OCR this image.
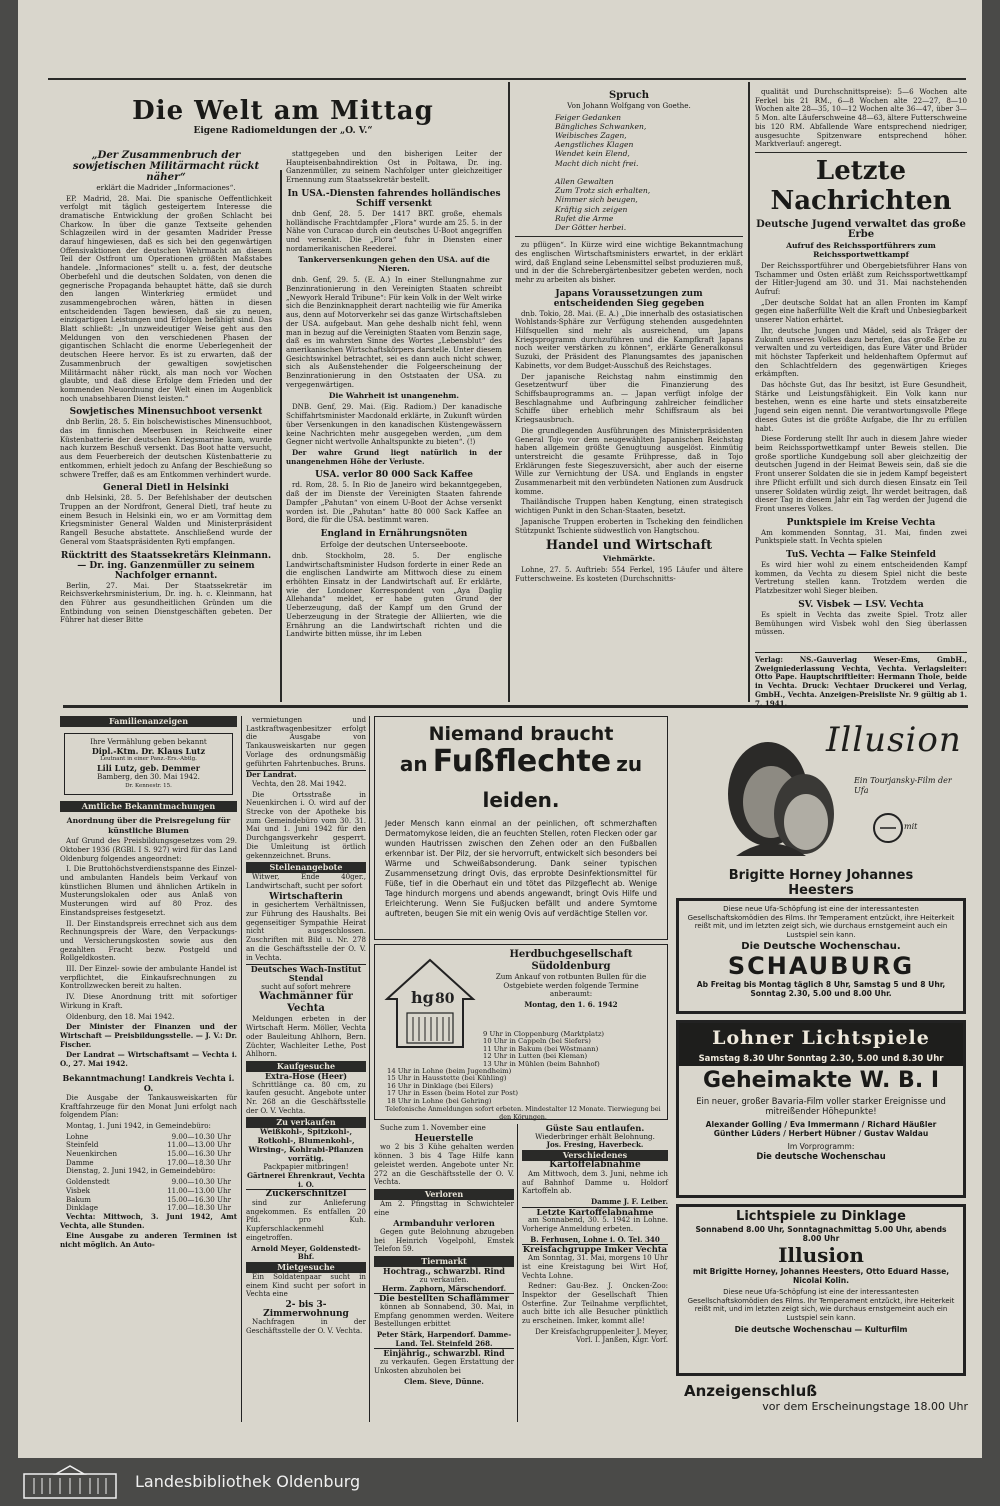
Die Welt am Mittag
Eigene Radiomeldungen der „O. V.“
„Der Zusammenbruch der sowjetischen Militärmacht rückt näher“
erklärt die Madrider „Informaciones“.

EP. Madrid, 28. Mai. Die spanische Oeffentlichkeit verfolgt mit täglich gesteigertem Interesse die dramatische Entwicklung der großen Schlacht bei Charkow. In über die ganze Textseite gehenden Schlagzeilen wird in der gesamten Madrider Presse darauf hingewiesen, daß es sich bei den gegenwärtigen Offensivaktionen der deutschen Wehrmacht an diesem Teil der Ostfront um Operationen größten Maßstabes handele. „Informaciones“ stellt u. a. fest, der deutsche Oberbefehl und die deutschen Soldaten, von denen die gegnerische Propaganda behauptet hätte, daß sie durch den langen Winterkrieg ermüdet und zusammengebrochen wären, hätten in diesen entscheidenden Tagen bewiesen, daß sie zu neuen, einzigartigen Leistungen und Erfolgen befähigt sind. Das Blatt schließt: „In unzweideutiger Weise geht aus den Meldungen von den verschiedenen Phasen der gigantischen Schlacht die enorme Ueberlegenheit der deutschen Heere hervor. Es ist zu erwarten, daß der Zusammenbruch der gewaltigen sowjetischen Militärmacht näher rückt, als man noch vor Wochen glaubte, und daß diese Erfolge dem Frieden und der kommenden Neuordnung der Welt einen im Augenblick noch unabsehbaren Dienst leisten.“

Sowjetisches Minensuchboot versenkt

dnb Berlin, 28. 5. Ein bolschewistisches Minensuchboot, das im finnischen Meerbusen in Reichweite einer Küstenbatterie der deutschen Kriegsmarine kam, wurde nach kurzem Beschuß versenkt. Das Boot hatte versucht, aus dem Feuerbereich der deutschen Küstenbatterie zu entkommen, erhielt jedoch zu Anfang der Beschießung so schwere Treffer, daß es am Entkommen verhindert wurde.

General Dietl in Helsinki

dnb Helsinki, 28. 5. Der Befehlshaber der deutschen Truppen an der Nordfront, General Dietl, traf heute zu einem Besuch in Helsinki ein, wo er am Vormittag dem Kriegsminister General Walden und Ministerpräsident Rangell Besuche abstattete. Anschließend wurde der General vom Staatspräsidenten Ryti empfangen.

Rücktritt des Staatssekretärs Kleinmann. — Dr. ing. Ganzenmüller zu seinem Nachfolger ernannt.

Berlin, 27. Mai. Der Staatssekretär im Reichsverkehrsministerium, Dr. ing. h. c. Kleinmann, hat den Führer aus gesundheitlichen Gründen um die Entbindung von seinen Dienstgeschäften gebeten. Der Führer hat dieser Bitte

stattgegeben und den bisherigen Leiter der Haupteisenbahndirektion Ost in Poltawa, Dr. ing. Ganzenmüller, zu seinem Nachfolger unter gleichzeitiger Ernennung zum Staatssekretär bestellt.

In USA.-Diensten fahrendes holländisches Schiff versenkt

dnb Genf, 28. 5. Der 1417 BRT. große, ehemals holländische Frachtdampfer „Flora“ wurde am 25. 5. in der Nähe von Curacao durch ein deutsches U-Boot angegriffen und versenkt. Die „Flora“ fuhr in Diensten einer nordamerikanischen Reederei.

Tankerversenkungen gehen den USA. auf die Nieren.

dnb. Genf, 29. 5. (E. A.) In einer Stellungnahme zur Benzinrationierung in den Vereinigten Staaten schreibt „Newyork Herald Tribune“: Für kein Volk in der Welt wirke sich die Benzinknappheit derart nachteilig wie für Amerika aus, denn auf Motorverkehr sei das ganze Wirtschaftsleben der USA. aufgebaut. Man gehe deshalb nicht fehl, wenn man in bezug auf die Vereinigten Staaten vom Benzin sage, daß es im wahrsten Sinne des Wortes „Lebensblut“ des amerikanischen Wirtschaftskörpers darstelle. Unter diesem Gesichtswinkel betrachtet, sei es dann auch nicht schwer, sich als Außenstehender die Folgeerscheinung der Benzinrationierung in den Oststaaten der USA. zu vergegenwärtigen.

Die Wahrheit ist unangenehm.

DNB. Genf, 29. Mai. (Eig. Radiom.) Der kanadische Schiffahrtsminister Macdonald erklärte, in Zukunft würden über Versenkungen in den kanadischen Küstengewässern keine Nachrichten mehr ausgegeben werden, „um dem Gegner nicht wertvolle Anhaltspunkte zu bieten“. (!)

Der wahre Grund liegt natürlich in der unangenehmen Höhe der Verluste.

USA. verlor 80 000 Sack Kaffee

rd. Rom, 28. 5. In Rio de Janeiro wird bekanntgegeben, daß der im Dienste der Vereinigten Staaten fahrende Dampfer „Pahutan“ von einem U-Boot der Achse versenkt worden ist. Die „Pahutan“ hatte 80 000 Sack Kaffee an Bord, die für die USA. bestimmt waren.

England in Ernährungsnöten
Erfolge der deutschen Unterseeboote.

dnb. Stockholm, 28. 5. Der englische Landwirtschaftsminister Hudson forderte in einer Rede an die englischen Landwirte am Mittwoch diese zu einem erhöhten Einsatz in der Landwirtschaft auf. Er erklärte, wie der Londoner Korrespondent von „Aya Daglig Allehanda“ meldet, er habe guten Grund der Ueberzeugung, daß der Kampf um den Grund der Ueberzeugung in der Strategie der Alliierten, wie die Ernährung an die Landwirtschaft richten und die Landwirte bitten müsse, ihr im Leben

Spruch
Von Johann Wolfgang von Goethe.
Feiger Gedanken
Bängliches Schwanken,
Weibisches Zagen,
Aengstliches Klagen
Wendet kein Elend,
Macht dich nicht frei.

Allen Gewalten
Zum Trotz sich erhalten,
Nimmer sich beugen,
Kräftig sich zeigen
Rufet die Arme
Der Götter herbei.

zu pflügen“. In Kürze wird eine wichtige Bekanntmachung des englischen Wirtschaftsministers erwartet, in der erklärt wird, daß England seine Lebensmittel selbst produzieren muß, und in der die Schrebergärtenbesitzer gebeten werden, noch mehr zu arbeiten als bisher.

Japans Voraussetzungen zum entscheidenden Sieg gegeben

dnb. Tokio, 28. Mai. (E. A.) „Die innerhalb des ostasiatischen Wohlstands-Sphäre zur Verfügung stehenden ausgedehnten Hilfsquellen sind mehr als ausreichend, um Japans Kriegsprogramm durchzuführen und die Kampfkraft Japans noch weiter verstärken zu können“, erklärte Generalkonsul Suzuki, der Präsident des Planungsamtes des japanischen Kabinetts, vor dem Budget-Ausschuß des Reichstages.

Der japanische Reichstag nahm einstimmig den Gesetzentwurf über die Finanzierung des Schiffsbauprogramms an. — Japan verfügt infolge der Beschlagnahme und Aufbringung zahlreicher feindlicher Schiffe über erheblich mehr Schiffsraum als bei Kriegsausbruch.

Die grundlegenden Ausführungen des Ministerpräsidenten General Tojo vor dem neugewählten Japanischen Reichstag haben allgemein größte Genugtuung ausgelöst. Einmütig unterstreicht die gesamte Frühpresse, daß in Tojo Erklärungen feste Siegeszuversicht, aber auch der eiserne Wille zur Vernichtung der USA. und Englands in engster Zusammenarbeit mit den verbündeten Nationen zum Ausdruck komme.

Thailändische Truppen haben Kengtung, einen strategisch wichtigen Punkt in den Schan-Staaten, besetzt.

Japanische Truppen eroberten in Tscheking den feindlichen Stützpunkt Tschiente südwestlich von Hangtschou.

Handel und Wirtschaft
Viehmärkte.

Lohne, 27. 5. Auftrieb: 554 Ferkel, 195 Läufer und ältere Futterschweine. Es kosteten (Durchschnitts-

qualität und Durchschnittspreise): 5—6 Wochen alte Ferkel bis 21 RM., 6—8 Wochen alte 22—27, 8—10 Wochen alte 28—35, 10—12 Wochen alte 36—47, über 3—5 Mon. alte Läuferschweine 48—63, ältere Futterschweine bis 120 RM. Abfallende Ware entsprechend niedriger, ausgesuchte Spitzenware entsprechend höher. Marktverlauf: angeregt.

Letzte Nachrichten
Deutsche Jugend verwaltet das große Erbe
Aufruf des Reichssportführers zum Reichssportwettkampf

Der Reichssportführer und Obergebietsführer Hans von Tschammer und Osten erläßt zum Reichssportwettkampf der Hitler-Jugend am 30. und 31. Mai nachstehenden Aufruf:

„Der deutsche Soldat hat an allen Fronten im Kampf gegen eine haßerfüllte Welt die Kraft und Unbesiegbarkeit unserer Nation erhärtet.

Ihr, deutsche Jungen und Mädel, seid als Träger der Zukunft unseres Volkes dazu berufen, das große Erbe zu verwalten und zu verteidigen, das Eure Väter und Brüder mit höchster Tapferkeit und heldenhaftem Opfermut auf den Schlachtfeldern des gegenwärtigen Krieges erkämpften.

Das höchste Gut, das Ihr besitzt, ist Eure Gesundheit, Stärke und Leistungsfähigkeit. Ein Volk kann nur bestehen, wenn es eine harte und stets einsatzbereite Jugend sein eigen nennt. Die verantwortungsvolle Pflege dieses Gutes ist die größte Aufgabe, die Ihr zu erfüllen habt.

Diese Forderung stellt Ihr auch in diesem Jahre wieder beim Reichssportwettkampf unter Beweis stellen. Die große sportliche Kundgebung soll aber gleichzeitig der deutschen Jugend in der Heimat Beweis sein, daß sie die Front unserer Soldaten die sie in jedem Kampf begeistert ihre Pflicht erfüllt und sich durch diesen Einsatz ein Teil unserer Soldaten würdig zeigt. Ihr werdet beitragen, daß dieser Tag in diesem Jahr ein Tag werden der Jugend die Front unseres Volkes.

Punktspiele im Kreise Vechta

Am kommenden Sonntag, 31. Mai, finden zwei Punktspiele statt. In Vechta spielen

TuS. Vechta — Falke Steinfeld

Es wird hier wohl zu einem entscheidenden Kampf kommen, da Vechta zu diesem Spiel nicht die beste Vertretung stellen kann. Trotzdem werden die Platzbesitzer wohl Sieger bleiben.

SV. Visbek — LSV. Vechta

Es spielt in Vechta das zweite Spiel. Trotz aller Bemühungen wird Visbek wohl den Sieg überlassen müssen.

Verlag: NS.-Gauverlag Weser-Ems, GmbH., Zweigniederlassung Vechta, Vechta. Verlagsleiter: Otto Pape. Hauptschriftleiter: Hermann Thole, beide in Vechta. Druck: Vechtaer Druckerei und Verlag, GmbH., Vechta. Anzeigen-Preisliste Nr. 9 gültig ab 1. 7. 1941.
Familienanzeigen
Ihre Vermählung geben bekannt
Dipl.-Ktm. Dr. Klaus Lutz
Leutnant in einer Panz.-Ers.-Abtlg.
Lili Lutz, geb. Demmer
Bamberg, den 30. Mai 1942.
Dr. Kennestr. 15.
Amtliche Bekanntmachungen
Anordnung über die Preisregelung für künstliche Blumen

Auf Grund des Preisbildungsgesetzes vom 29. Oktober 1936 (RGBl. I S. 927) wird für das Land Oldenburg folgendes angeordnet:

I. Die Bruttohöchstverdienstspanne des Einzel- und ambulanten Handels beim Verkauf von künstlichen Blumen und ähnlichen Artikeln in Musterungslokalen oder aus Anlaß von Musterungen wird auf 80 Proz. des Einstandspreises festgesetzt.

II. Der Einstandspreis errechnet sich aus dem Rechnungspreis der Ware, den Verpackungs- und Versicherungskosten sowie aus den gezahlten Fracht bezw. Postgeld und Rollgeldkosten.

III. Der Einzel- sowie der ambulante Handel ist verpflichtet, die Einkaufsrechnungen zu Kontrollzwecken bereit zu halten.

IV. Diese Anordnung tritt mit sofortiger Wirkung in Kraft.

Oldenburg, den 18. Mai 1942.

Der Minister der Finanzen und der Wirtschaft — Preisbildungsstelle. — J. V.: Dr. Fischer.

Der Landrat — Wirtschaftsamt — Vechta i. O., 27. Mai 1942.

Bekanntmachung! Landkreis Vechta i. O.

Die Ausgabe der Tankausweiskarten für Kraftfahrzeuge für den Monat Juni erfolgt nach folgendem Plan:

Montag, 1. Juni 1942, in Gemeindebüro:

Lohne	9.00—10.30 Uhr
Steinfeld	11.00—13.00 Uhr
Neuenkirchen	15.00—16.30 Uhr
Damme	17.00—18.30 Uhr

Dienstag, 2. Juni 1942, in Gemeindebüro:

Goldenstedt	9.00—10.30 Uhr
Visbek	11.00—13.00 Uhr
Bakum	15.00—16.30 Uhr
Dinklage	17.00—18.30 Uhr

Vechta: Mittwoch, 3. Juni 1942, Amt Vechta, alle Stunden.

Eine Ausgabe zu anderen Terminen ist nicht möglich. An Auto-

vermietungen und Lastkraftwagenbesitzer erfolgt die Ausgabe von Tankausweiskarten nur gegen Vorlage des ordnungsmäßig geführten Fahrtenbuches. Bruns.

Der Landrat.

Vechta, den 28. Mai 1942.

Die Ortsstraße in Neuenkirchen i. O. wird auf der Strecke von der Apotheke bis zum Gemeindebüro vom 30. 31. Mai und 1. Juni 1942 für den Durchgangsverkehr gesperrt. Die Umleitung ist örtlich gekennzeichnet. Bruns.

Stellenangebote

Witwer, Ende 40ger., Landwirtschaft, sucht per sofort

Wirtschafterin

in gesichertem Verhältnissen, zur Führung des Haushalts. Bei gegenseitiger Sympathie Heirat nicht ausgeschlossen. Zuschriften mit Bild u. Nr. 278 an die Geschäftsstelle der O. V. in Vechta.

Deutsches Wach-Institut Stendal
sucht auf sofort mehrere
Wachmänner für Vechta

Meldungen erbeten in der Wirtschaft Herm. Möller, Vechta oder Bauleitung Ahlhorn, Bern. Züchter, Wachleiter Lethe, Post Ahlhorn.

Kaufgesuche
Extra-Hose (Heer)

Schrittlänge ca. 80 cm, zu kaufen gesucht. Angebote unter Nr. 268 an die Geschäftsstelle der O. V. Vechta.

Zu verkaufen
Weißkohl-, Spitzkohl-, Rotkohl-, Blumenkohl-, Wirsing-, Kohlrabi-Pflanzen vorrätig.
Packpapier mitbringen!
Gärtnerei Ehrenkraut, Vechta i. O.
Zuckerschnitzel

sind zur Anlieferung angekommen. Es entfallen 20 Pfd. pro Kuh. Kupferschlackenmehl eingetroffen.

Arnold Meyer, Goldenstedt-Bhf.
Mietgesuche

Ein Soldatenpaar sucht in einem Kind sucht per sofort in Vechta eine

2- bis 3-Zimmerwohnung

Nachfragen in der Geschäftsstelle der O. V. Vechta.

Niemand braucht
an Fußflechte zu leiden.
Jeder Mensch kann einmal an der peinlichen, oft schmerzhaften Dermatomykose leiden, die an feuchten Stellen, roten Flecken oder gar wunden Hautrissen zwischen den Zehen oder an den Fußballen erkennbar ist. Der Pilz, der sie hervorruft, entwickelt sich besonders bei Wärme und Schweißabsonderung. Dank seiner typischen Zusammensetzung dringt Ovis, das erprobte Desinfektionsmittel für Füße, tief in die Oberhaut ein und tötet das Pilzgeflecht ab. Wenige Tage hindurch morgens und abends angewandt, bringt Ovis Hilfe und Erleichterung. Wenn Sie Fußjucken befällt und andere Symtome auftreten, beugen Sie mit ein wenig Ovis auf verdächtige Stellen vor.
hg 80
Herdbuchgesellschaft
Südoldenburg
Zum Ankauf von rotbunten Bullen für die Ostgebiete werden folgende Termine anberaumt:
Montag, den 1. 6. 1942
9 Uhr in Cloppenburg (Marktplatz)
10 Uhr in Cappeln (bei Siefers)
11 Uhr in Bakum (bei Wöstmann)
12 Uhr in Lutten (bei Kleman)
13 Uhr in Mühlen (beim Bahnhof)
14 Uhr in Lohne (beim Jugendheim)
15 Uhr in Hausstette (bei Kühling)
16 Uhr in Dinklage (bei Eilers)
17 Uhr in Essen (beim Hotel zur Post)
18 Uhr in Lohne (bei Gehring)
Telefonische Anmeldungen sofort erbeten. Mindestalter 12 Monate. Tierwiegung bei den Körungen.

Suche zum 1. November eine

Heuerstelle

wo 2 bis 3 Kühe gehalten werden können. 3 bis 4 Tage Hilfe kann geleistet werden. Angebote unter Nr. 272 an die Geschäftsstelle der O. V. Vechta.

Verloren

Am 2. Pfingsttag in Schwichteler eine

Armbanduhr verloren

Gegen gute Belohnung abzugeben bei Heinrich Vogelpohl, Emstek Telefon 59.

Tiermarkt
Hochtrag., schwarzbl. Rind
zu verkaufen.
Herm. Zaphorn, Märschendorf.
Die bestellten Schaflämmer

können ab Sonnabend, 30. Mai, in Empfang genommen werden. Weitere Bestellungen erbittet

Peter Stärk, Harpendorf. Damme-Land. Tel. Steinfeld 268.
Einjährig., schwarzbl. Rind

zu verkaufen. Gegen Erstattung der Unkosten abzuholen bei

Clem. Sieve, Dünne.
Güste Sau entlaufen.
Wiederbringer erhält Belohnung.
Jos. Fresing, Haverbeck.
Verschiedenes
Kartoffelabnahme

Am Mittwoch, dem 3. Juni, nehme ich auf Bahnhof Damme u. Holdorf Kartoffeln ab.

Damme J. F. Leiber.
Letzte Kartoffelabnahme

am Sonnabend, 30. 5. 1942 in Lohne. Vorherige Anmeldung erbeten.

B. Ferhusen, Lohne i. O. Tel. 340
Kreisfachgruppe Imker Vechta

Am Sonntag, 31. Mai, morgens 10 Uhr ist eine Kreistagung bei Wirt Hof, Vechta Lohne.

Redner: Gau-Bez. J. Oncken-Zoo: Inspektor der Gesellschaft Thien Osterfine. Zur Teilnahme verpflichtet, auch bitte ich alle Besucher pünktlich zu erscheinen. Imker, kommt alle!

Der Kreisfachgruppenleiter J. Meyer, Vorl. I. Janßen, Kigr. Vorf.

Illusion
Ein Tourjansky-Film der Ufa
mit
Brigitte Horney Johannes Heesters
Diese neue Ufa-Schöpfung ist eine der interessantesten Gesellschaftskomödien des Films. Ihr Temperament entzückt, ihre Heiterkeit reißt mit, und im letzten zeigt sich, wie durchaus ernstgemeint auch ein Lustspiel sein kann.
Die Deutsche Wochenschau.
SCHAUBURG
Ab Freitag bis Montag täglich 8 Uhr, Samstag 5 und 8 Uhr, Sonntag 2.30, 5.00 und 8.00 Uhr.
Lohner Lichtspiele
Samstag 8.30 Uhr Sonntag 2.30, 5.00 und 8.30 Uhr
Geheimakte W. B. I
Ein neuer, großer Bavaria-Film voller starker Ereignisse und mitreißender Höhepunkte!
Alexander Golling / Eva Immermann / Richard Häußler Günther Lüders / Herbert Hübner / Gustav Waldau
Im Vorprogramm:
Die deutsche Wochenschau
Lichtspiele zu Dinklage
Sonnabend 8.00 Uhr, Sonntagnachmittag 5.00 Uhr, abends 8.00 Uhr
Illusion
mit Brigitte Horney, Johannes Heesters, Otto Eduard Hasse, Nicolai Kolin.
Diese neue Ufa-Schöpfung ist eine der interessantesten Gesellschaftskomödien des Films. Ihr Temperament entzückt, ihre Heiterkeit reißt mit, und im letzten zeigt sich, wie durchaus ernstgemeint auch ein Lustspiel sein kann.
Die deutsche Wochenschau — Kulturfilm
Anzeigenschluß
vor dem Erscheinungstage 18.00 Uhr
Landesbibliothek Oldenburg
